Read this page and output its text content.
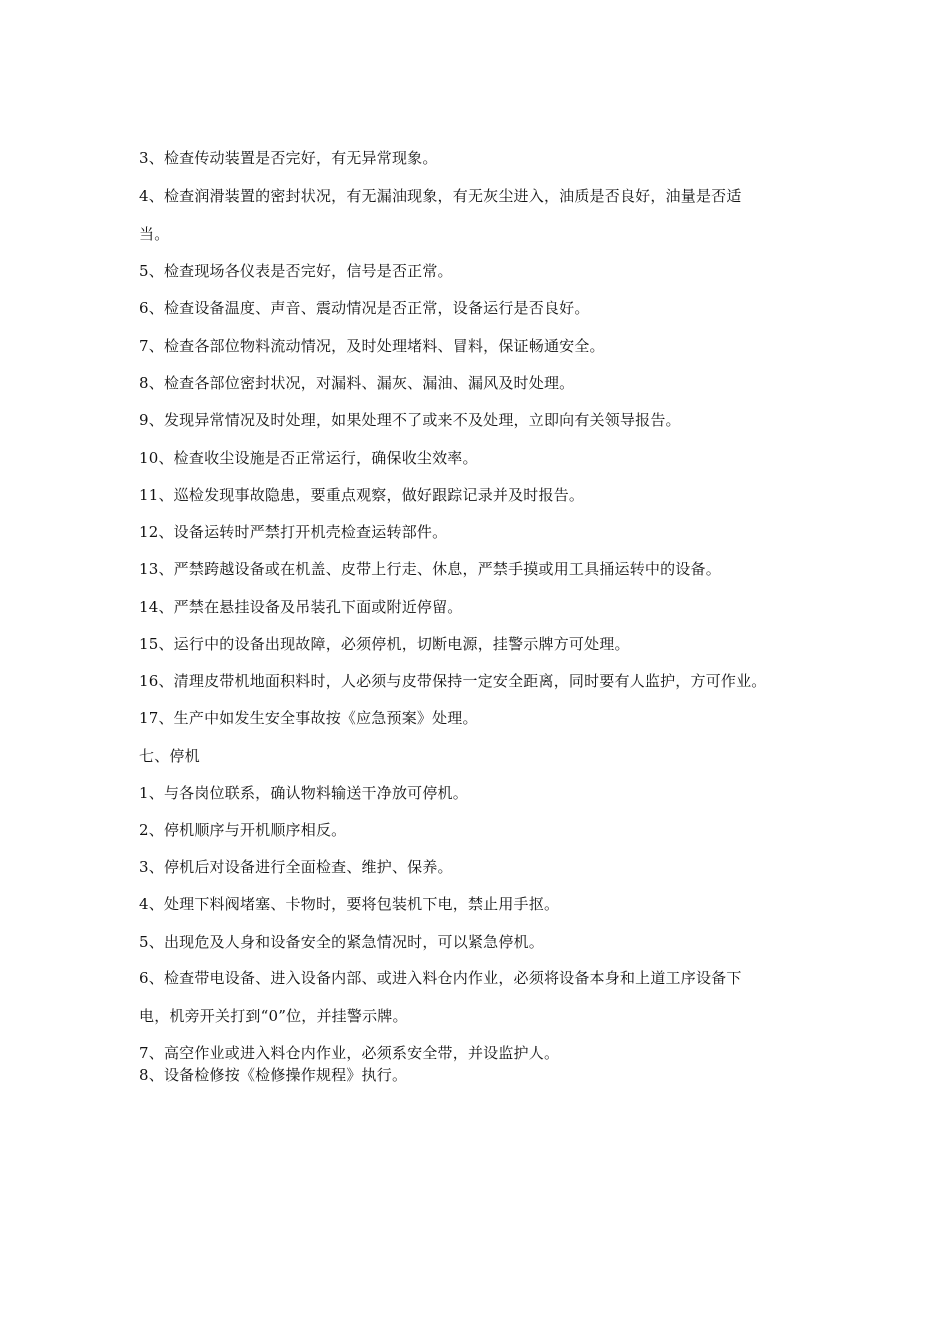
3、检查传动装置是否完好，有无异常现象。
4、检查润滑装置的密封状况，有无漏油现象，有无灰尘进入，油质是否良好，油量是否适
当。
5、检查现场各仪表是否完好，信号是否正常。
6、检查设备温度、声音、震动情况是否正常，设备运行是否良好。
7、检查各部位物料流动情况，及时处理堵料、冒料，保证畅通安全。
8、检查各部位密封状况，对漏料、漏灰、漏油、漏风及时处理。
9、发现异常情况及时处理，如果处理不了或来不及处理，立即向有关领导报告。
10、检查收尘设施是否正常运行，确保收尘效率。
11、巡检发现事故隐患，要重点观察，做好跟踪记录并及时报告。
12、设备运转时严禁打开机壳检查运转部件。
13、严禁跨越设备或在机盖、皮带上行走、休息，严禁手摸或用工具捅运转中的设备。
14、严禁在悬挂设备及吊装孔下面或附近停留。
15、运行中的设备出现故障，必须停机，切断电源，挂警示牌方可处理。
16、清理皮带机地面积料时，人必须与皮带保持一定安全距离，同时要有人监护，方可作业。
17、生产中如发生安全事故按《应急预案》处理。
七、停机
1、与各岗位联系，确认物料输送干净放可停机。
2、停机顺序与开机顺序相反。
3、停机后对设备进行全面检查、维护、保养。
4、处理下料阀堵塞、卡物时，要将包装机下电，禁止用手抠。
5、出现危及人身和设备安全的紧急情况时，可以紧急停机。
6、检查带电设备、进入设备内部、或进入料仓内作业，必须将设备本身和上道工序设备下
电，机旁开关打到“0”位，并挂警示牌。
7、高空作业或进入料仓内作业，必须系安全带，并设监护人。
8、设备检修按《检修操作规程》执行。
